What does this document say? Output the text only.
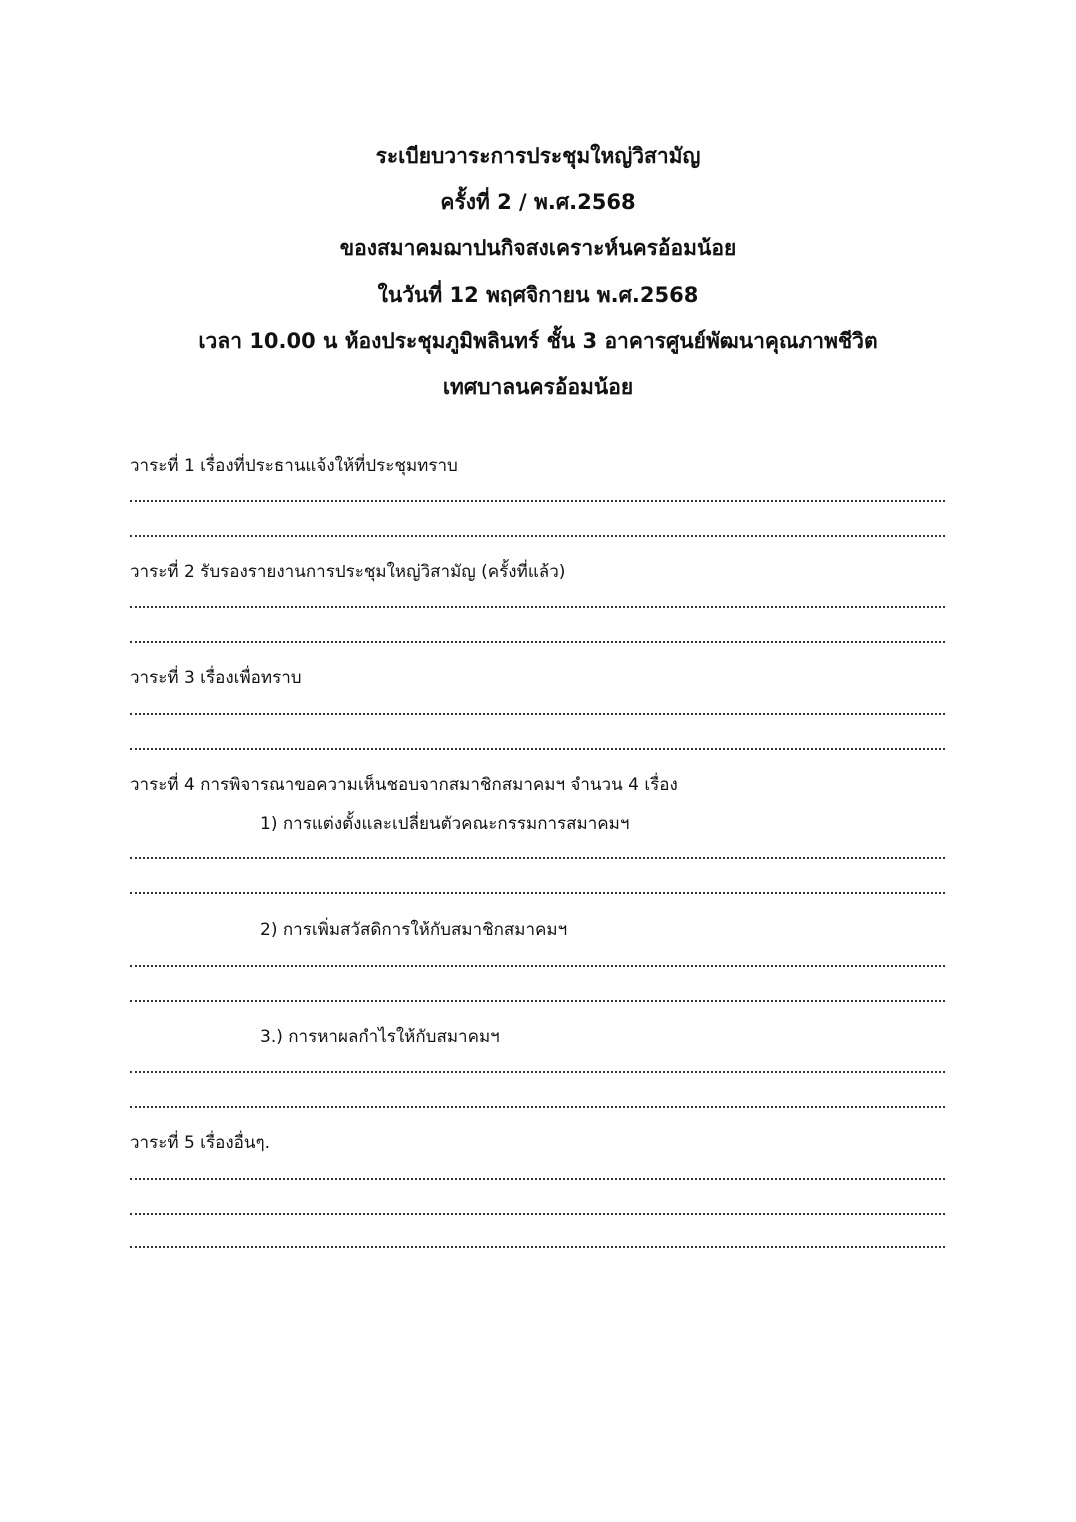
ระเบียบวาระการประชุมใหญ่วิสามัญ
ครั้งที่ 2 / พ.ศ.2568
ของสมาคมฌาปนกิจสงเคราะห์นครอ้อมน้อย
ในวันที่ 12 พฤศจิกายน พ.ศ.2568
เวลา 10.00 น ห้องประชุมภูมิพลินทร์ ชั้น 3 อาคารศูนย์พัฒนาคุณภาพชีวิต
เทศบาลนครอ้อมน้อย
วาระที่ 1 เรื่องที่ประธานแจ้งให้ที่ประชุมทราบ
วาระที่ 2 รับรองรายงานการประชุมใหญ่วิสามัญ (ครั้งที่แล้ว)
วาระที่ 3 เรื่องเพื่อทราบ
วาระที่ 4 การพิจารณาขอความเห็นชอบจากสมาชิกสมาคมฯ จำนวน 4 เรื่อง
1) การแต่งตั้งและเปลี่ยนตัวคณะกรรมการสมาคมฯ
2) การเพิ่มสวัสดิการให้กับสมาชิกสมาคมฯ
3.) การหาผลกำไรให้กับสมาคมฯ
วาระที่ 5 เรื่องอื่นๆ.
